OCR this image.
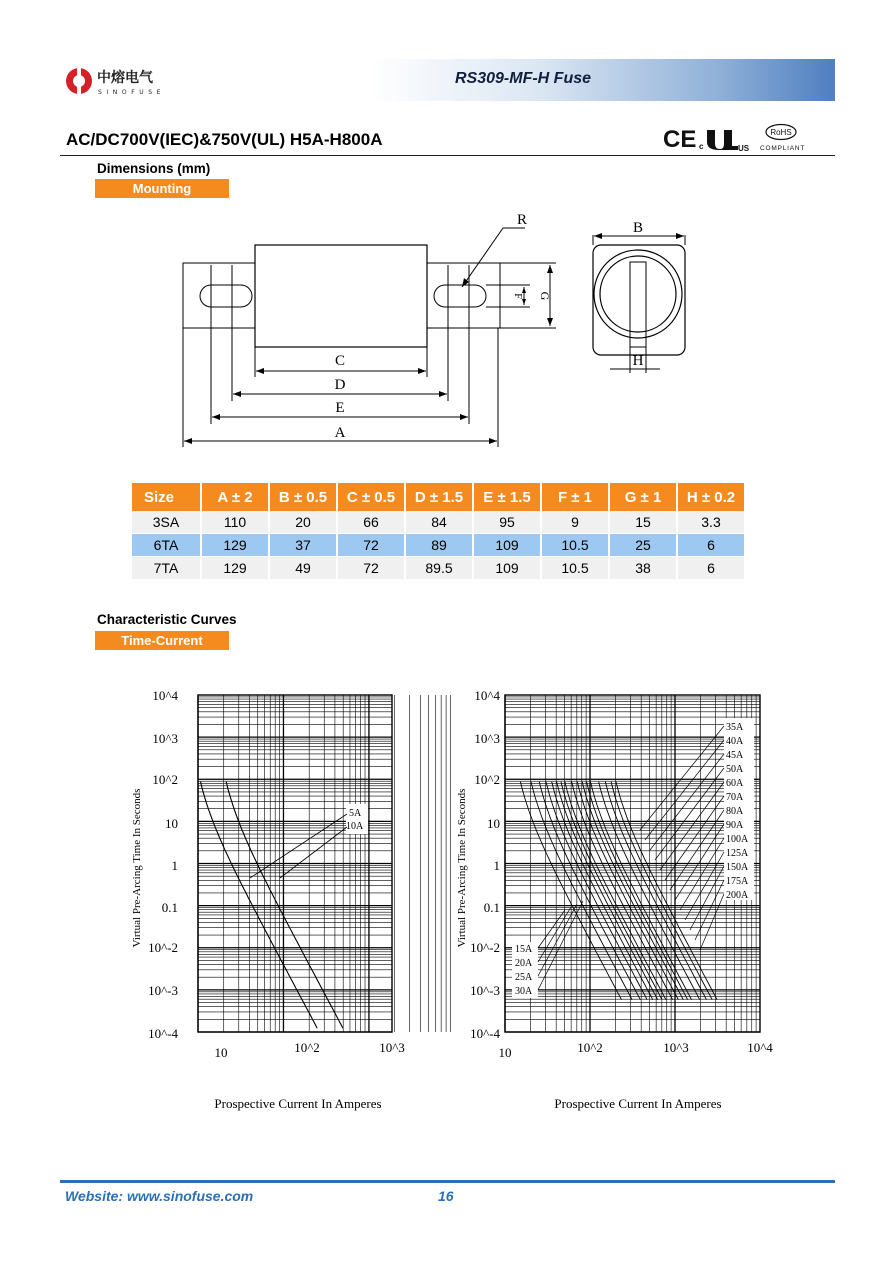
中熔电气
SINOFUSE
RS309-MF-H Fuse
AC/DC700V(IEC)&750V(UL) H5A-H800A	CE c	US
RoHS
COMPLIANT
Dimensions (mm)
Mounting
C
D
E
A
R	B
H
G
F
Size	A ± 2	B ± 0.5	C ± 0.5	D ± 1.5	E ± 1.5	F ± 1	G ± 1	H ± 0.2
3SA	110	20	66	84	95	9	15	3.3
6TA	129	37	72	89	109	10.5	25	6
7TA	129	49	72	89.5	109	10.5	38	6
Characteristic Curves
Time-Current
10^4
10^3
10^2
10
1
0.1
10^-2
10^-3
10^-4
10^4
10^3
10^2
10
1
0.1
10^-2
10^-3
10^-4
10	10^2	10^3	10	10^2	10^3	10^4
Virtual Pre-Arcing Time In Seconds	Virtual Pre-Arcing Time In Seconds
Prospective Current In Amperes	Prospective Current In Amperes
5A
10A
35A
40A
45A
50A
60A
70A
80A
90A
100A
125A
150A
175A
200A
15A
20A
25A
30A
Website: www.sinofuse.com	16
